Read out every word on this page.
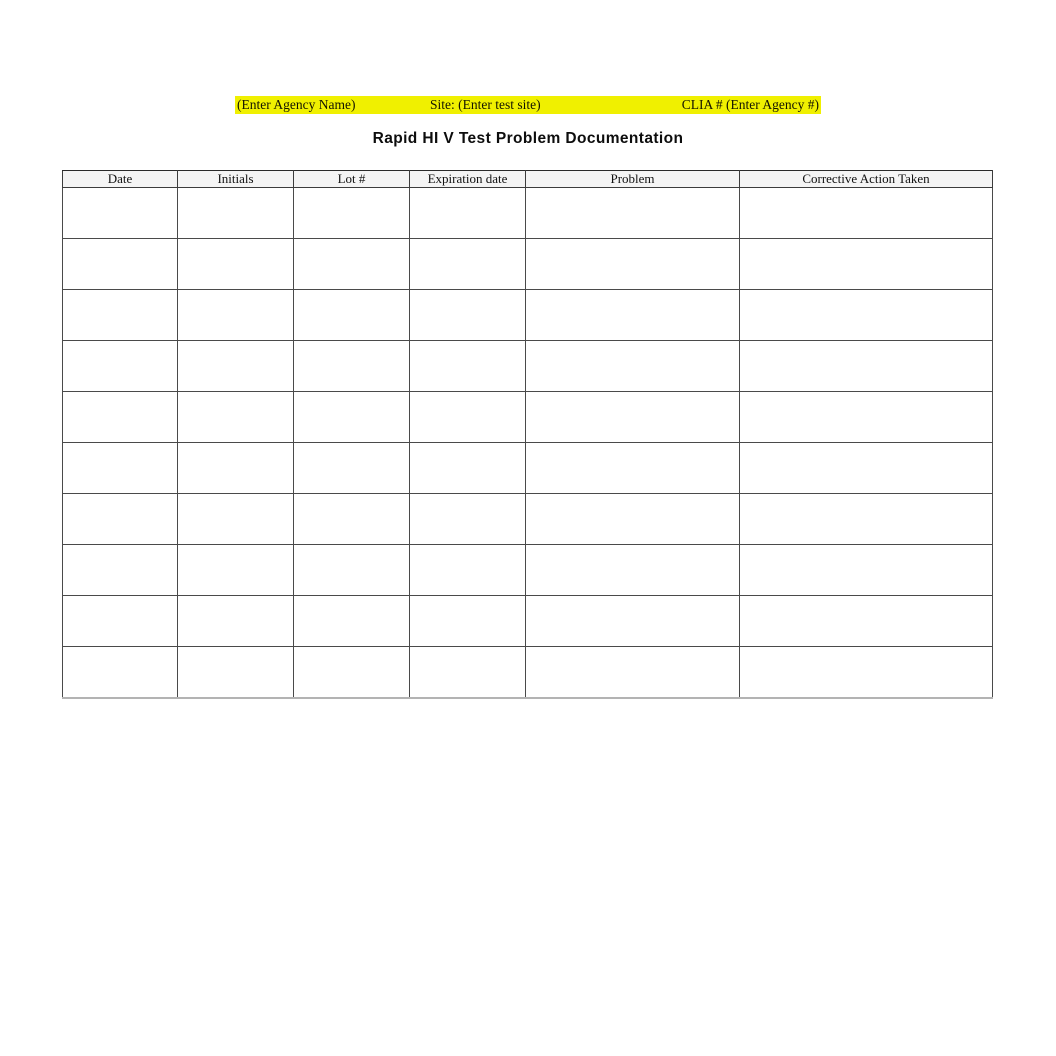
(Enter Agency Name)	Site: (Enter test site)	CLIA # (Enter Agency #)
Rapid HI V Test Problem Documentation
Date	Initials	Lot #	Expiration date	Problem	Corrective Action Taken
